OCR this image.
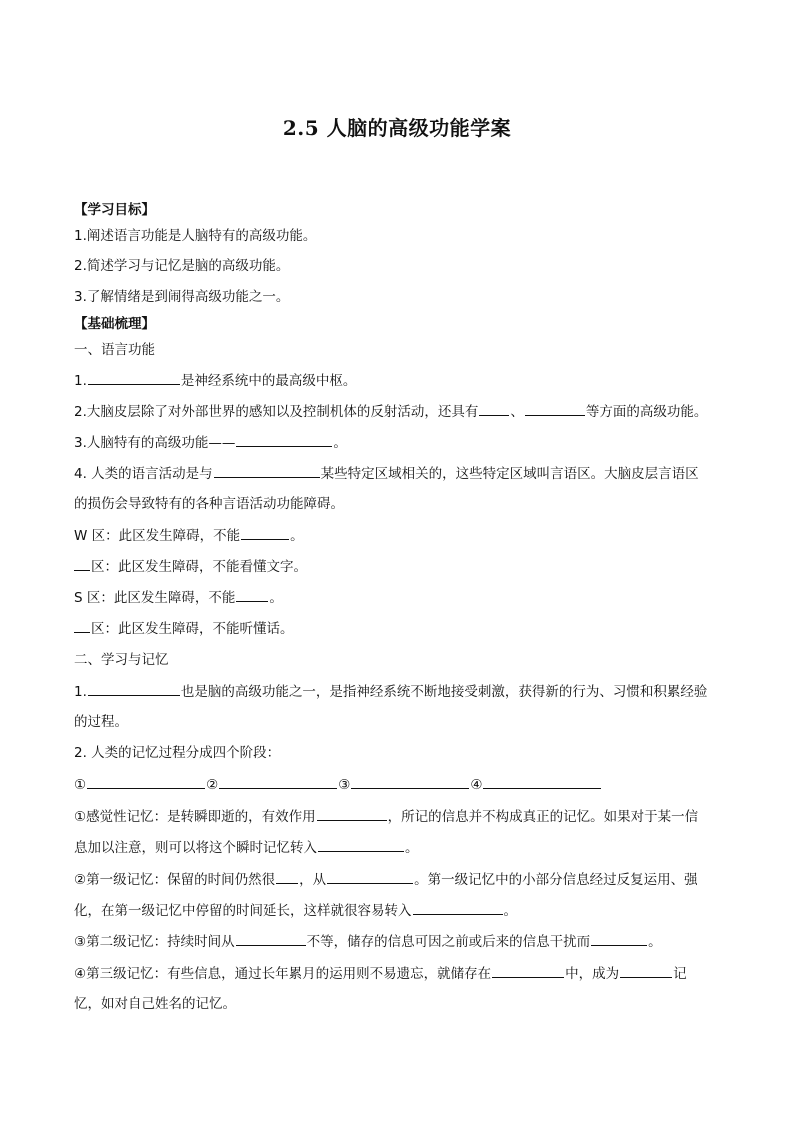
2.5 人脑的高级功能学案
【学习目标】
1.阐述语言功能是人脑特有的高级功能。
2.简述学习与记忆是脑的高级功能。
3.了解情绪是到闹得高级功能之一。
【基础梳理】
一、语言功能
1.	是神经系统中的最高级中枢。
2.大脑皮层除了对外部世界的感知以及控制机体的反射活动，还具有 、	等方面的高级功能。
3.人脑特有的高级功能——	。
4. 人类的语言活动是与	某些特定区域相关的，这些特定区域叫言语区。大脑皮层言语区
的损伤会导致特有的各种言语活动功能障碍。
W 区：此区发生障碍，不能	。
区：此区发生障碍，不能看懂文字。
S 区：此区发生障碍，不能	。
区：此区发生障碍，不能听懂话。
二、学习与记忆
1.	也是脑的高级功能之一，是指神经系统不断地接受刺激，获得新的行为、习惯和积累经验
的过程。
2. 人类的记忆过程分成四个阶段：
①	②	③	④
①感觉性记忆：是转瞬即逝的，有效作用	，所记的信息并不构成真正的记忆。如果对于某一信
息加以注意，则可以将这个瞬时记忆转入	。
②第一级记忆：保留的时间仍然很 ，从	。第一级记忆中的小部分信息经过反复运用、强
化，在第一级记忆中停留的时间延长，这样就很容易转入	。
③第二级记忆：持续时间从	不等，储存的信息可因之前或后来的信息干扰而	。
④第三级记忆：有些信息，通过长年累月的运用则不易遗忘，就储存在	中，成为	记
忆，如对自己姓名的记忆。
